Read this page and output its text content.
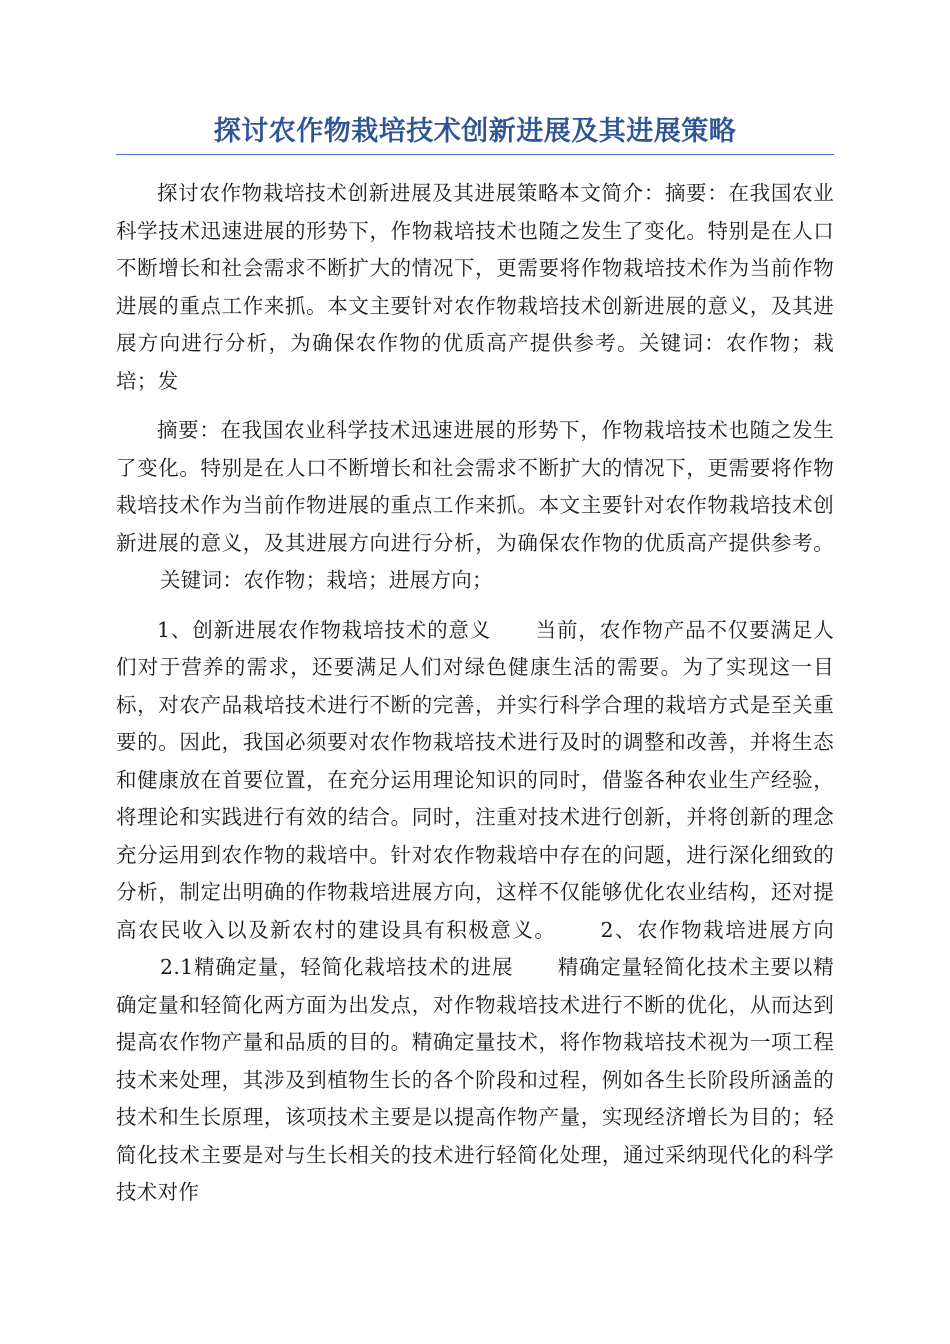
探讨农作物栽培技术创新进展及其进展策略

探讨农作物栽培技术创新进展及其进展策略本文简介：摘要：在我国农业科学技术迅速进展的形势下，作物栽培技术也随之发生了变化。特别是在人口不断增长和社会需求不断扩大的情况下，更需要将作物栽培技术作为当前作物进展的重点工作来抓。本文主要针对农作物栽培技术创新进展的意义，及其进展方向进行分析，为确保农作物的优质高产提供参考。关键词：农作物；栽培；发

摘要：在我国农业科学技术迅速进展的形势下，作物栽培技术也随之发生了变化。特别是在人口不断增长和社会需求不断扩大的情况下，更需要将作物栽培技术作为当前作物进展的重点工作来抓。本文主要针对农作物栽培技术创新进展的意义，及其进展方向进行分析，为确保农作物的优质高产提供参考。关键词：农作物；栽培；进展方向；

1、创新进展农作物栽培技术的意义 当前，农作物产品不仅要满足人们对于营养的需求，还要满足人们对绿色健康生活的需要。为了实现这一目标，对农产品栽培技术进行不断的完善，并实行科学合理的栽培方式是至关重要的。因此，我国必须要对农作物栽培技术进行及时的调整和改善，并将生态和健康放在首要位置，在充分运用理论知识的同时，借鉴各种农业生产经验，将理论和实践进行有效的结合。同时，注重对技术进行创新，并将创新的理念充分运用到农作物的栽培中。针对农作物栽培中存在的问题，进行深化细致的分析，制定出明确的作物栽培进展方向，这样不仅能够优化农业结构，还对提高农民收入以及新农村的建设具有积极意义。 2、农作物栽培进展方向2.1精确定量，轻简化栽培技术的进展 精确定量轻简化技术主要以精确定量和轻简化两方面为出发点，对作物栽培技术进行不断的优化，从而达到提高农作物产量和品质的目的。精确定量技术，将作物栽培技术视为一项工程技术来处理，其涉及到植物生长的各个阶段和过程，例如各生长阶段所涵盖的技术和生长原理，该项技术主要是以提高作物产量，实现经济增长为目的；轻简化技术主要是对与生长相关的技术进行轻简化处理，通过采纳现代化的科学技术对作
